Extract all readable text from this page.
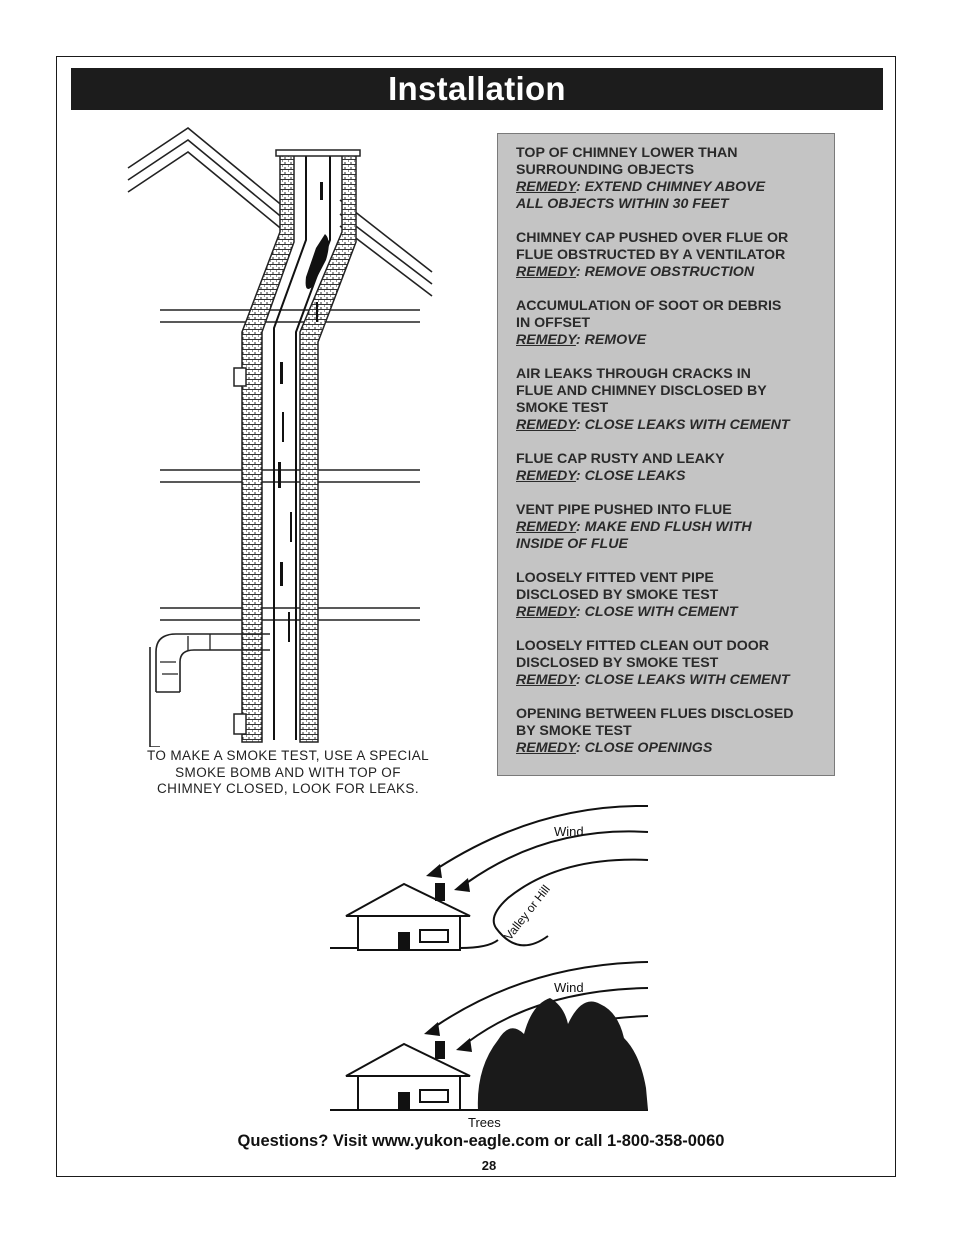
Installation
TO MAKE A SMOKE TEST, USE A SPECIAL
SMOKE BOMB AND WITH TOP OF
CHIMNEY CLOSED, LOOK FOR LEAKS.
TOP OF CHIMNEY LOWER THAN
SURROUNDING OBJECTS
REMEDY: EXTEND CHIMNEY ABOVE
ALL OBJECTS WITHIN 30 FEET
CHIMNEY CAP PUSHED OVER FLUE OR
FLUE OBSTRUCTED BY A VENTILATOR
REMEDY: REMOVE OBSTRUCTION
ACCUMULATION OF SOOT OR DEBRIS
IN OFFSET
REMEDY: REMOVE
AIR LEAKS THROUGH CRACKS IN
FLUE AND CHIMNEY DISCLOSED BY
SMOKE TEST
REMEDY: CLOSE LEAKS WITH CEMENT
FLUE CAP RUSTY AND LEAKY
REMEDY: CLOSE LEAKS
VENT PIPE PUSHED INTO FLUE
REMEDY: MAKE END FLUSH WITH
INSIDE OF FLUE
LOOSELY FITTED VENT PIPE
DISCLOSED BY SMOKE TEST
REMEDY: CLOSE WITH CEMENT
LOOSELY FITTED CLEAN OUT DOOR
DISCLOSED BY SMOKE TEST
REMEDY: CLOSE LEAKS WITH CEMENT
OPENING BETWEEN FLUES DISCLOSED
BY SMOKE TEST
REMEDY: CLOSE OPENINGS
Wind
Valley or Hill
Wind
Trees
Questions? Visit www.yukon-eagle.com or call 1-800-358-0060
28
